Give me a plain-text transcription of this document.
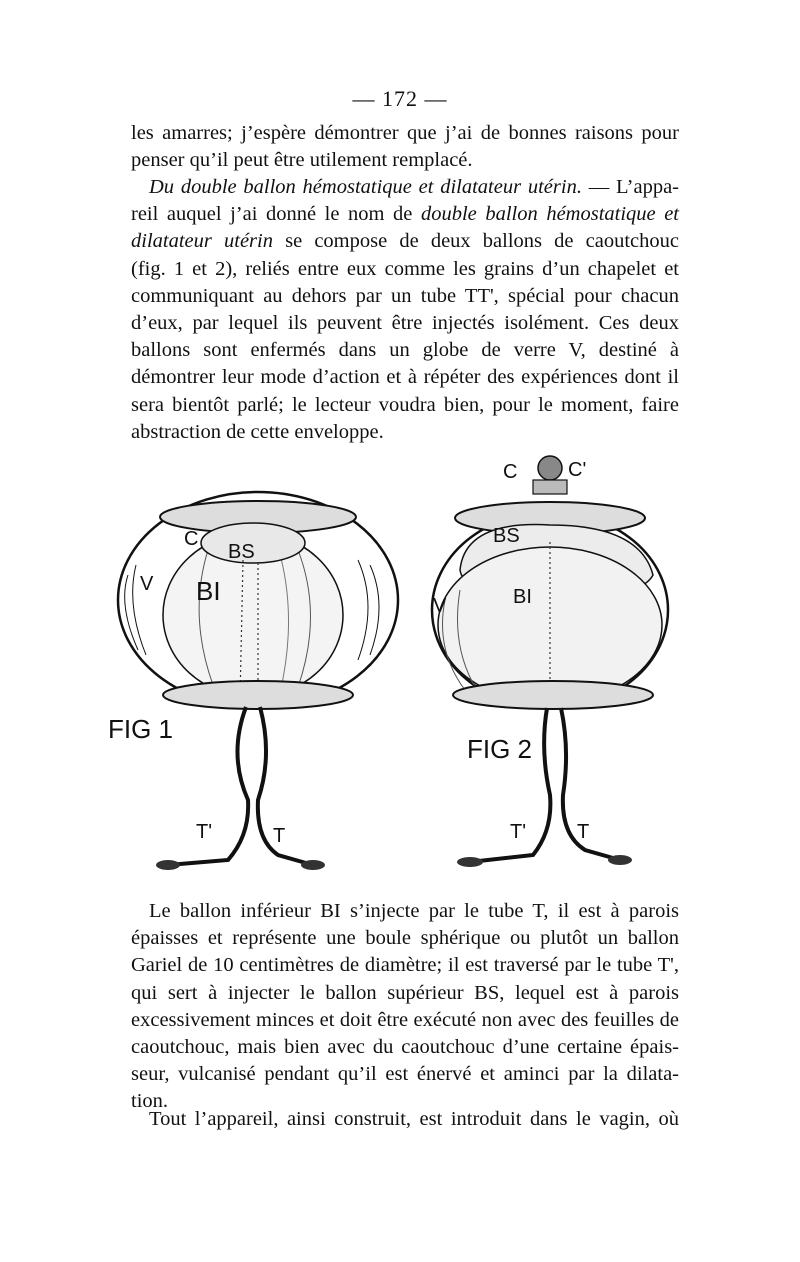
— 172 —
les amarres; j’espère démontrer que j’ai de bonnes raisons pour
penser qu’il peut être utilement remplacé.
Du double ballon hémostatique et dilatateur utérin. — L’appa-
reil auquel j’ai donné le nom de double ballon hémostatique et
dilatateur utérin se compose de deux ballons de caoutchouc
(fig. 1 et 2), reliés entre eux comme les grains d’un chapelet et
communiquant au dehors par un tube TT', spécial pour chacun
d’eux, par lequel ils peuvent être injectés isolément. Ces deux
ballons sont enfermés dans un globe de verre V, destiné à
démontrer leur mode d’action et à répéter des expériences dont il
sera bientôt parlé; le lecteur voudra bien, pour le moment, faire
abstraction de cette enveloppe.
C
BS
BI
V
T'	T
FIG 1
C	C'
BS
BI
V
T'	T
FIG 2
Le ballon inférieur BI s’injecte par le tube T, il est à parois
épaisses et représente une boule sphérique ou plutôt un ballon
Gariel de 10 centimètres de diamètre; il est traversé par le tube T',
qui sert à injecter le ballon supérieur BS, lequel est à parois
excessivement minces et doit être exécuté non avec des feuilles de
caoutchouc, mais bien avec du caoutchouc d’une certaine épais-
seur, vulcanisé pendant qu’il est énervé et aminci par la dilata-
tion.
Tout l’appareil, ainsi construit, est introduit dans le vagin, où
